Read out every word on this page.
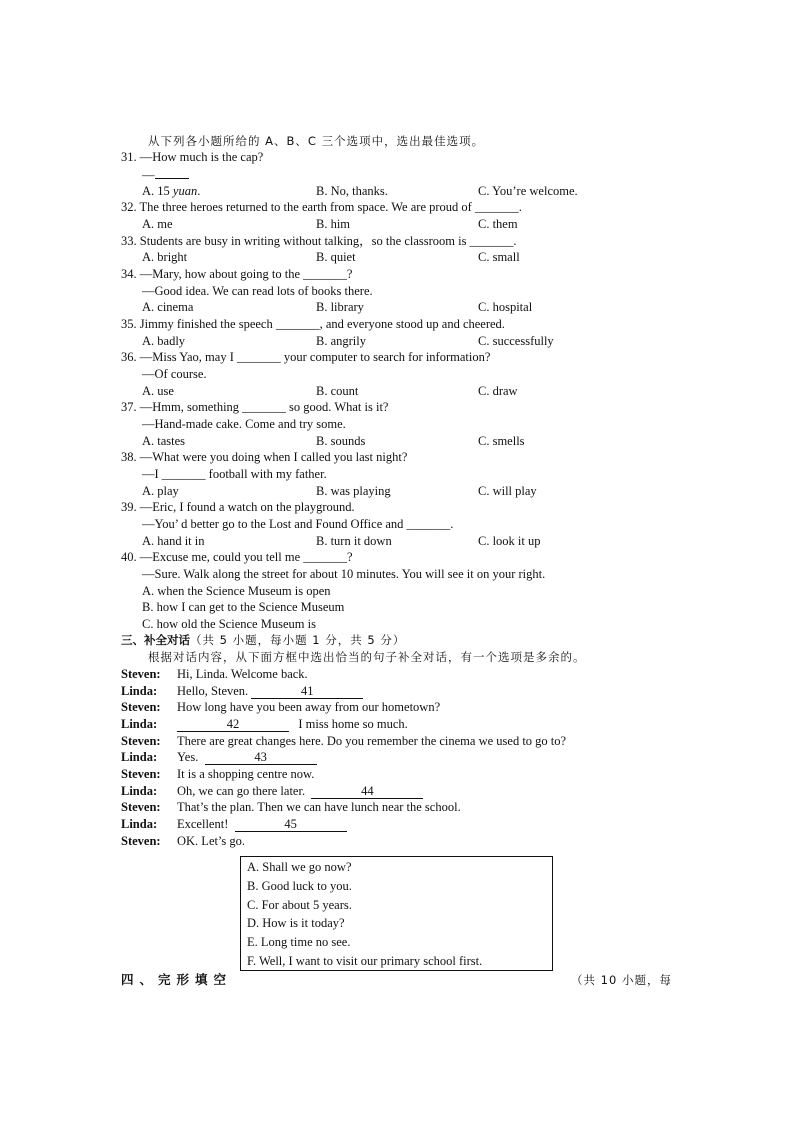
从下列各小题所给的 A、B、C 三个选项中，选出最佳选项。
31. —How much is the cap?
—
A. 15 yuan.	B. No, thanks.	C. You’re welcome.
32. The three heroes returned to the earth from space. We are proud of _______.
A. me	B. him	C. them
33. Students are busy in writing without talking，so the classroom is _______.
A. bright	B. quiet	C. small
34. —Mary, how about going to the _______?
—Good idea. We can read lots of books there.
A. cinema	B. library	C. hospital
35. Jimmy finished the speech _______, and everyone stood up and cheered.
A. badly	B. angrily	C. successfully
36. —Miss Yao, may I _______ your computer to search for information?
—Of course.
A. use	B. count	C. draw
37. —Hmm, something _______ so good. What is it?
—Hand-made cake. Come and try some.
A. tastes	B. sounds	C. smells
38. —What were you doing when I called you last night?
—I _______ football with my father.
A. play	B. was playing	C. will play
39. —Eric, I found a watch on the playground.
—You’ d better go to the Lost and Found Office and _______.
A. hand it in	B. turn it down	C. look it up
40. —Excuse me, could you tell me _______?
—Sure. Walk along the street for about 10 minutes. You will see it on your right.
A. when the Science Museum is open
B. how I can get to the Science Museum
C. how old the Science Museum is
三、补全对话（共 5 小题，每小题 1 分，共 5 分）
根据对话内容，从下面方框中选出恰当的句子补全对话，有一个选项是多余的。
Steven: Hi, Linda. Welcome back.
Linda: Hello, Steven.	41
Steven: How long have you been away from our hometown?
Linda:	42	I miss home so much.
Steven: There are great changes here. Do you remember the cinema we used to go to?
Linda: Yes.	43
Steven: It is a shopping centre now.
Linda: Oh, we can go there later.	44
Steven: That’s the plan. Then we can have lunch near the school.
Linda: Excellent!	45
Steven: OK. Let’s go.
A. Shall we go now?
B. Good luck to you.
C. For about 5 years.
D. How is it today?
E. Long time no see.
F. Well, I want to visit our primary school first.
四、完形填空	（共 10 小题，每
